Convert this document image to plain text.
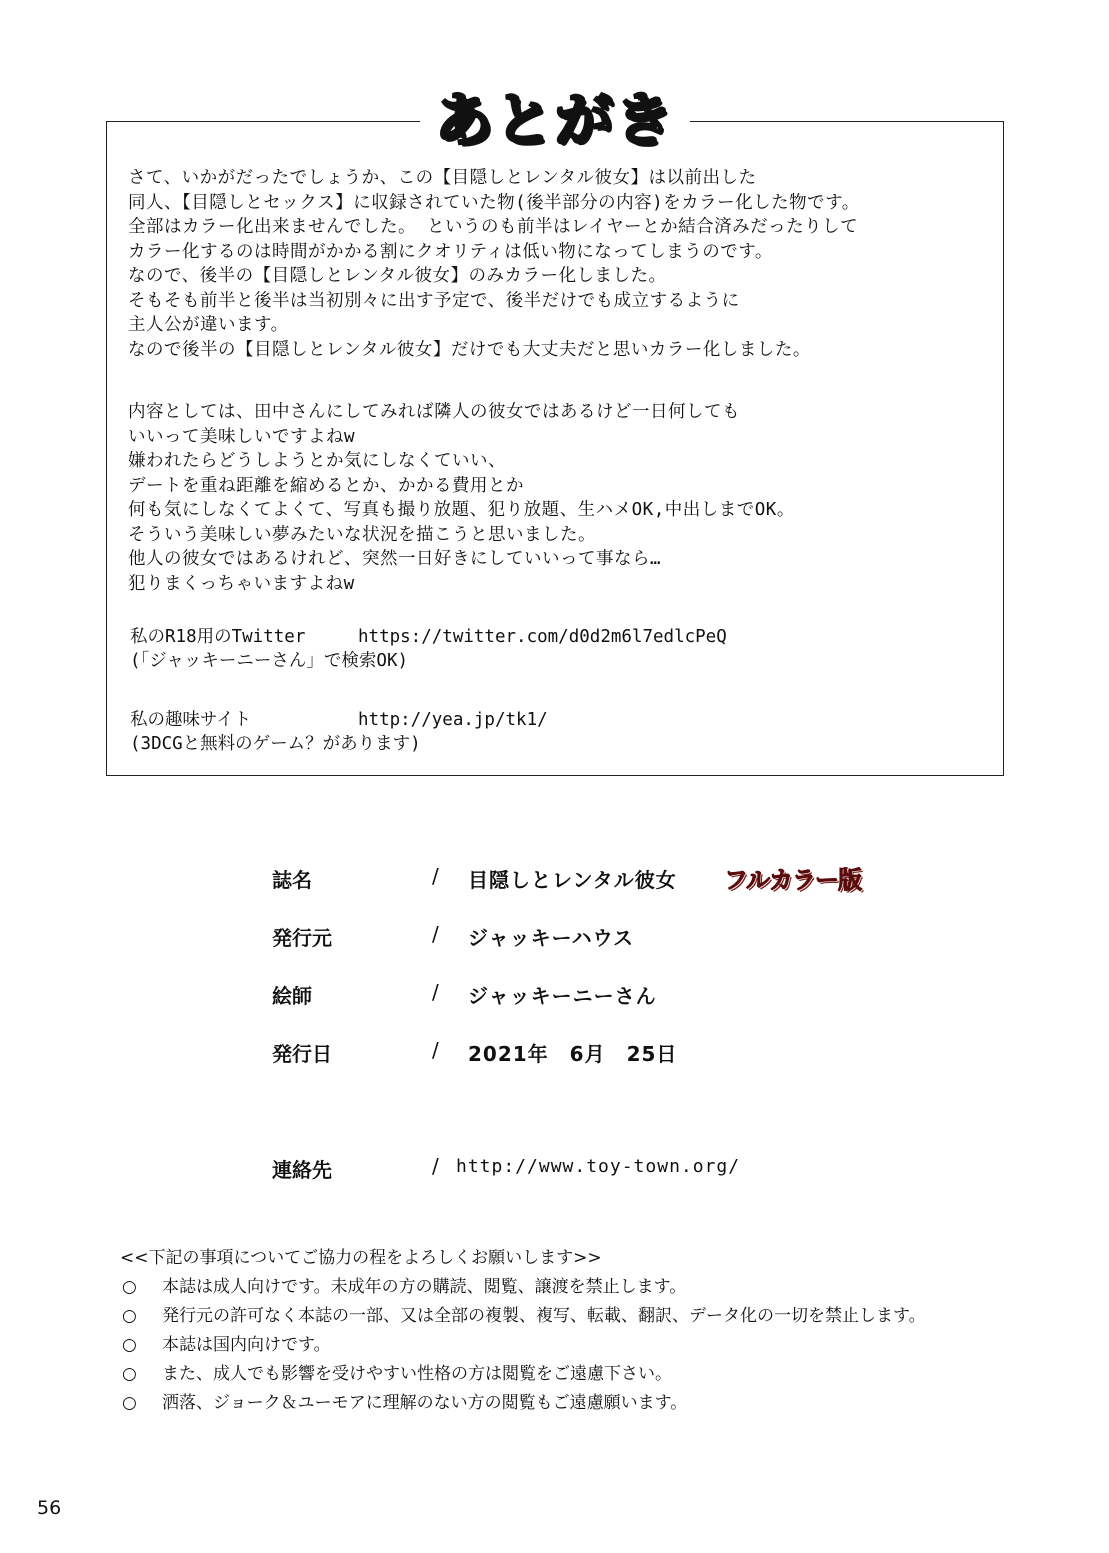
あとがき
さて、いかがだったでしょうか、この【目隠しとレンタル彼女】は以前出した
同人、【目隠しとセックス】に収録されていた物(後半部分の内容)をカラー化した物です。
全部はカラー化出来ませんでした。 というのも前半はレイヤーとか結合済みだったりして
カラー化するのは時間がかかる割にクオリティは低い物になってしまうのです。
なので、後半の【目隠しとレンタル彼女】のみカラー化しました。
そもそも前半と後半は当初別々に出す予定で、後半だけでも成立するように
主人公が違います。
なので後半の【目隠しとレンタル彼女】だけでも大丈夫だと思いカラー化しました。
内容としては、田中さんにしてみれば隣人の彼女ではあるけど一日何しても
いいって美味しいですよねw
嫌われたらどうしようとか気にしなくていい、
デートを重ね距離を縮めるとか、かかる費用とか
何も気にしなくてよくて、写真も撮り放題、犯り放題、生ハメOK,中出しまでOK。
そういう美味しい夢みたいな状況を描こうと思いました。
他人の彼女ではあるけれど、突然一日好きにしていいって事なら…
犯りまくっちゃいますよねw
私のR18用のTwitter	https://twitter.com/d0d2m6l7edlcPeQ
(「ジャッキーニーさん」で検索OK)
私の趣味サイト	http://yea.jp/tk1/
(3DCGと無料のゲーム？があります)
誌名	/ 目隠しとレンタル彼女 フルカラー版
発行元	/ ジャッキーハウス
絵師	/ ジャッキーニーさん
発行日	/ 2021年　6月　25日
連絡先	/ http://www.toy-town.org/
<<下記の事項についてご協力の程をよろしくお願いします>>
○ 本誌は成人向けです。未成年の方の購読、閲覧、譲渡を禁止します。
○ 発行元の許可なく本誌の一部、又は全部の複製、複写、転載、翻訳、データ化の一切を禁止します。
○ 本誌は国内向けです。
○ また、成人でも影響を受けやすい性格の方は閲覧をご遠慮下さい。
○ 洒落、ジョーク＆ユーモアに理解のない方の閲覧もご遠慮願います。
56
